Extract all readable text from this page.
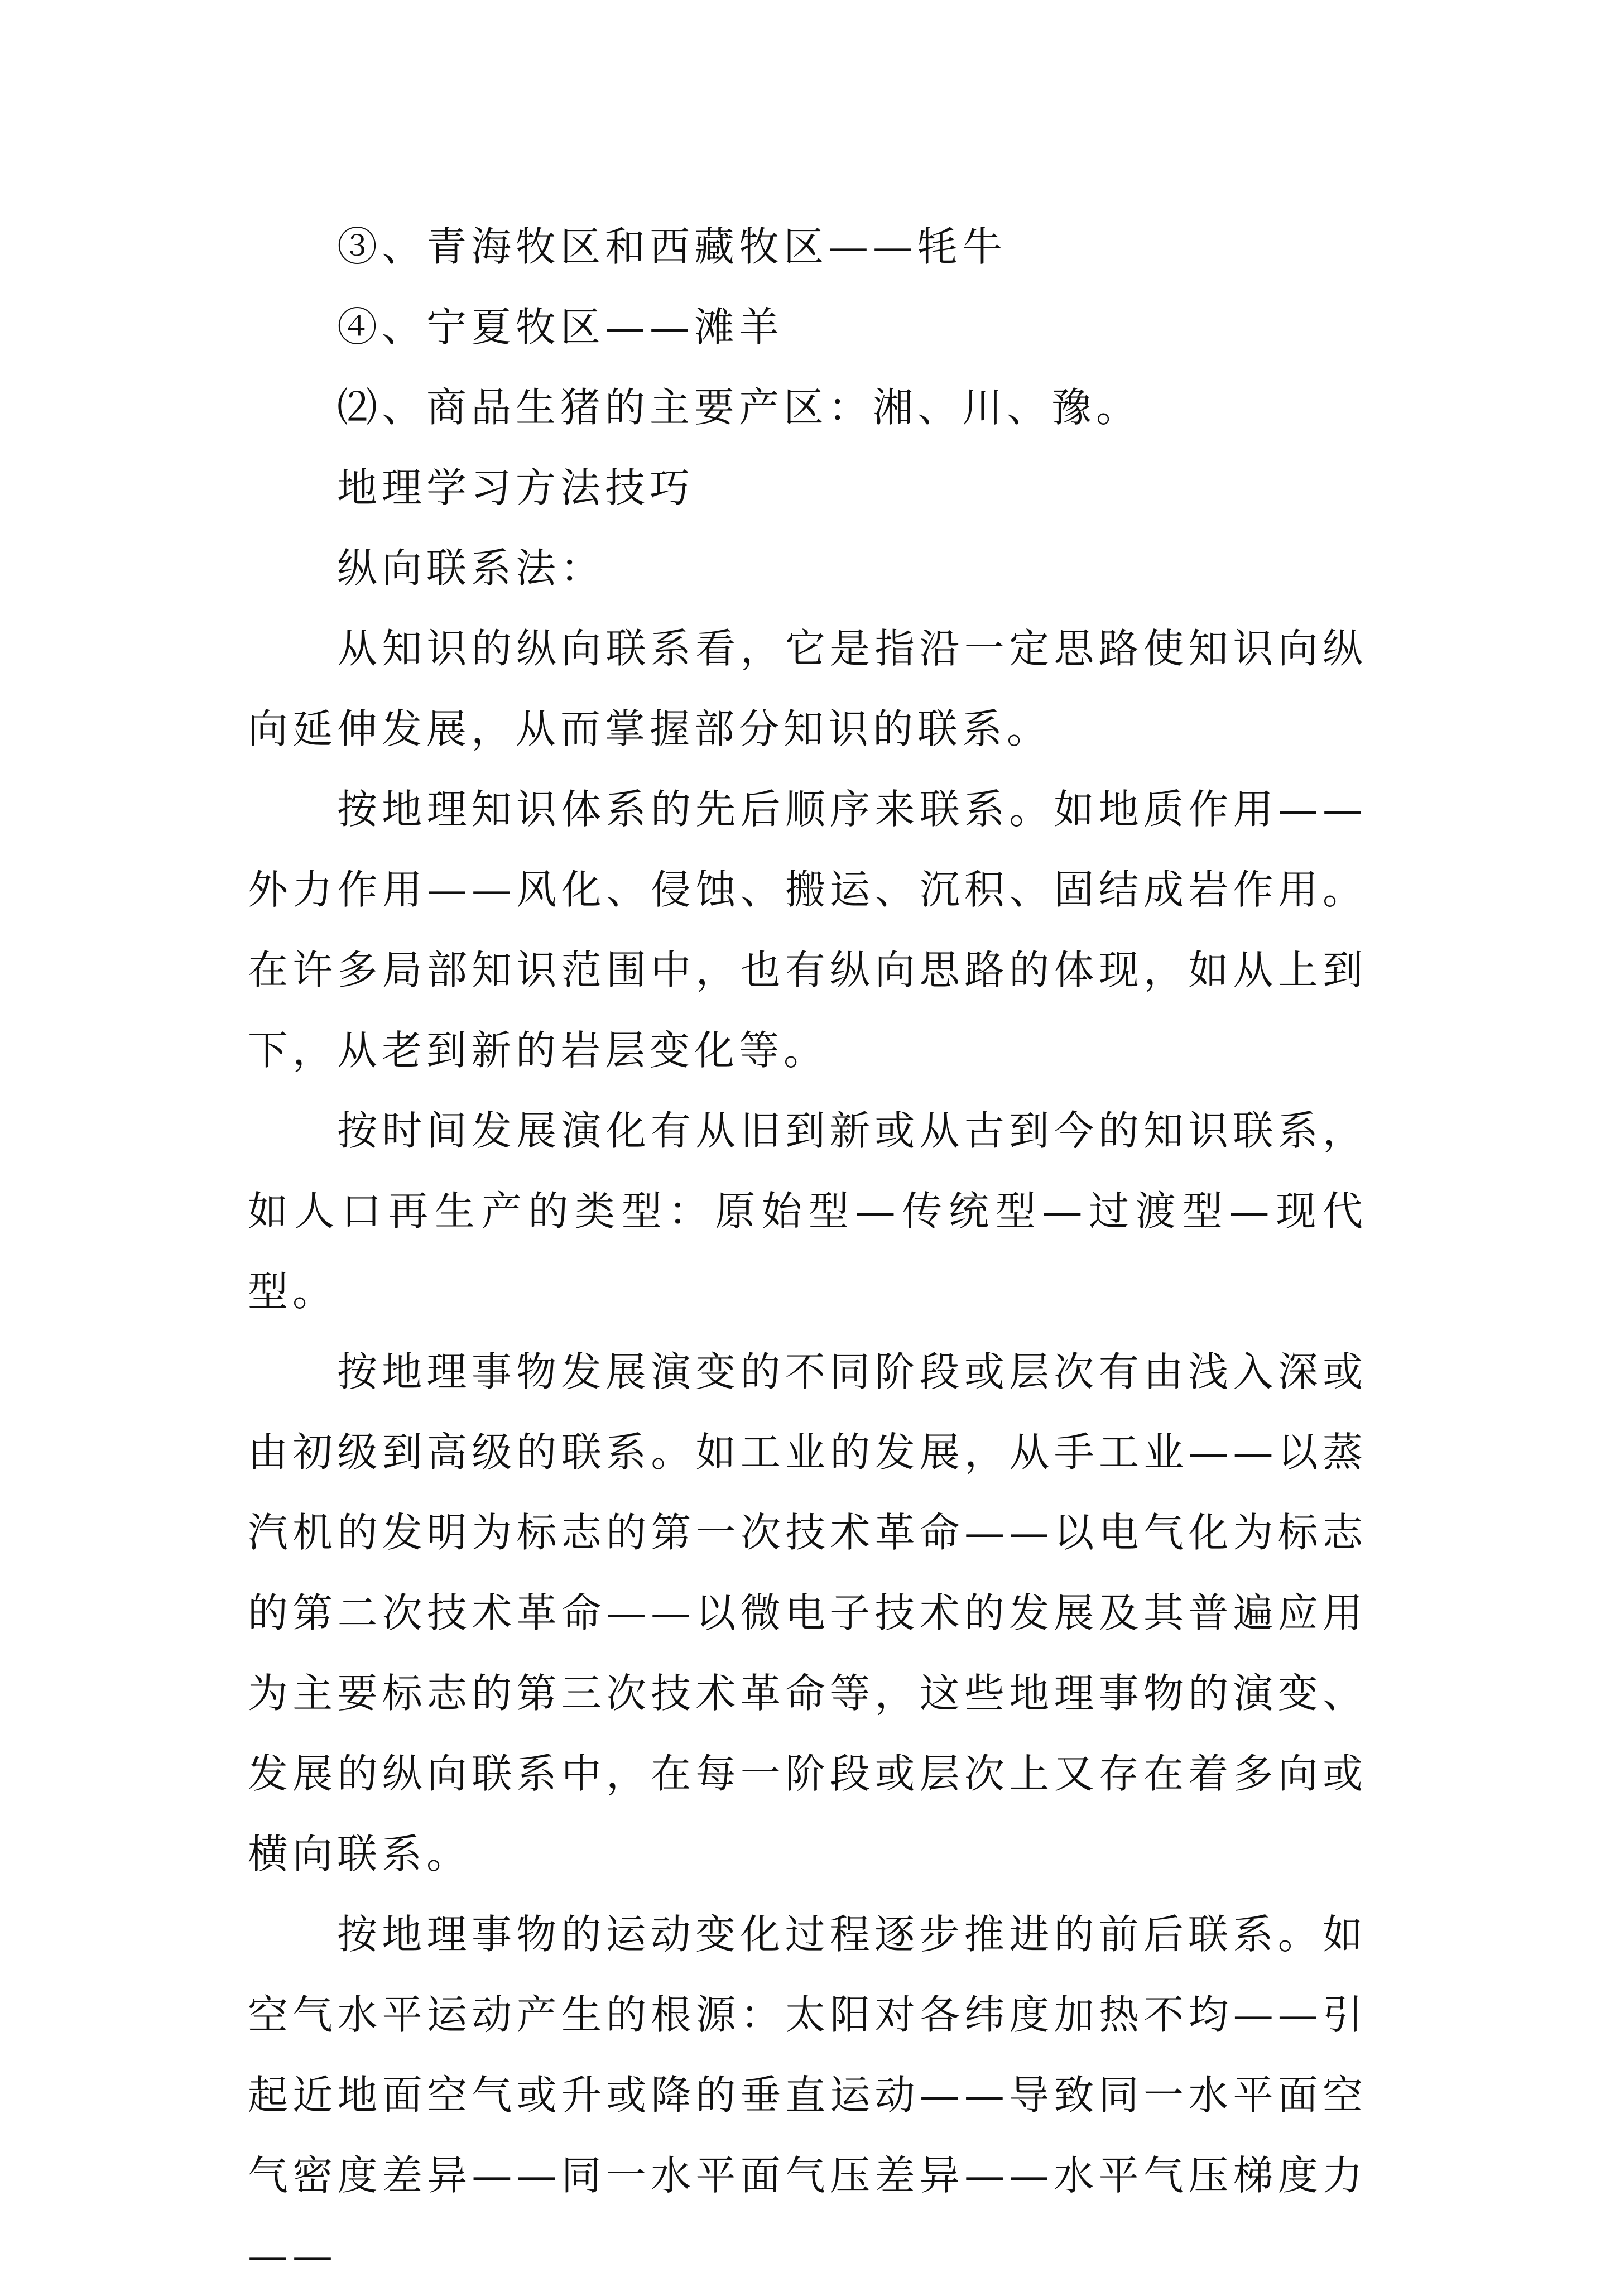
③、青海牧区和西藏牧区——牦牛

④、宁夏牧区——滩羊

⑵、商品生猪的主要产区：湘、川、豫。

地理学习方法技巧

纵向联系法：

从知识的纵向联系看，它是指沿一定思路使知识向纵向延伸发展，从而掌握部分知识的联系。

按地理知识体系的先后顺序来联系。如地质作用——外力作用——风化、侵蚀、搬运、沉积、固结成岩作用。在许多局部知识范围中，也有纵向思路的体现，如从上到下，从老到新的岩层变化等。

按时间发展演化有从旧到新或从古到今的知识联系，如人口再生产的类型：原始型—传统型—过渡型—现代型。

按地理事物发展演变的不同阶段或层次有由浅入深或由初级到高级的联系。如工业的发展，从手工业——以蒸汽机的发明为标志的第一次技术革命——以电气化为标志的第二次技术革命——以微电子技术的发展及其普遍应用为主要标志的第三次技术革命等，这些地理事物的演变、发展的纵向联系中，在每一阶段或层次上又存在着多向或横向联系。

按地理事物的运动变化过程逐步推进的前后联系。如空气水平运动产生的根源：太阳对各纬度加热不均——引起近地面空气或升或降的垂直运动——导致同一水平面空气密度差异——同一水平面气压差异——水平气压梯度力——
